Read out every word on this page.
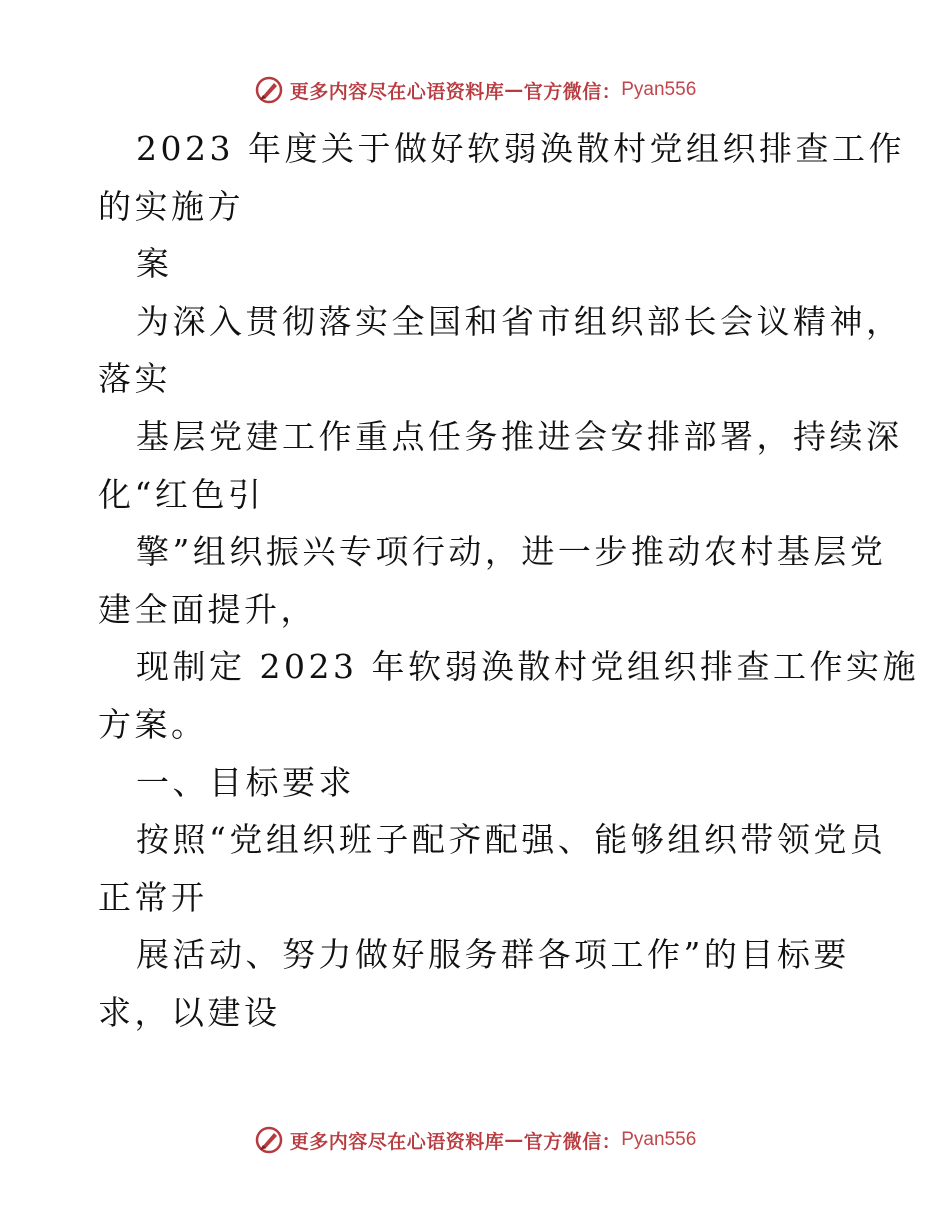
更多内容尽在心语资料库 — 官方微信： Pyan556
2023 年度关于做好软弱涣散村党组织排查工作
的实施方
案
为深入贯彻落实全国和省市组织部长会议精神，
落实
基层党建工作重点任务推进会安排部署，持续深
化“红色引
擎”组织振兴专项行动，进一步推动农村基层党
建全面提升，
现制定 2023 年软弱涣散村党组织排查工作实施
方案。
一、目标要求
按照“党组织班子配齐配强、能够组织带领党员
正常开
展活动、努力做好服务群各项工作”的目标要
求，以建设
更多内容尽在心语资料库 — 官方微信： Pyan556
